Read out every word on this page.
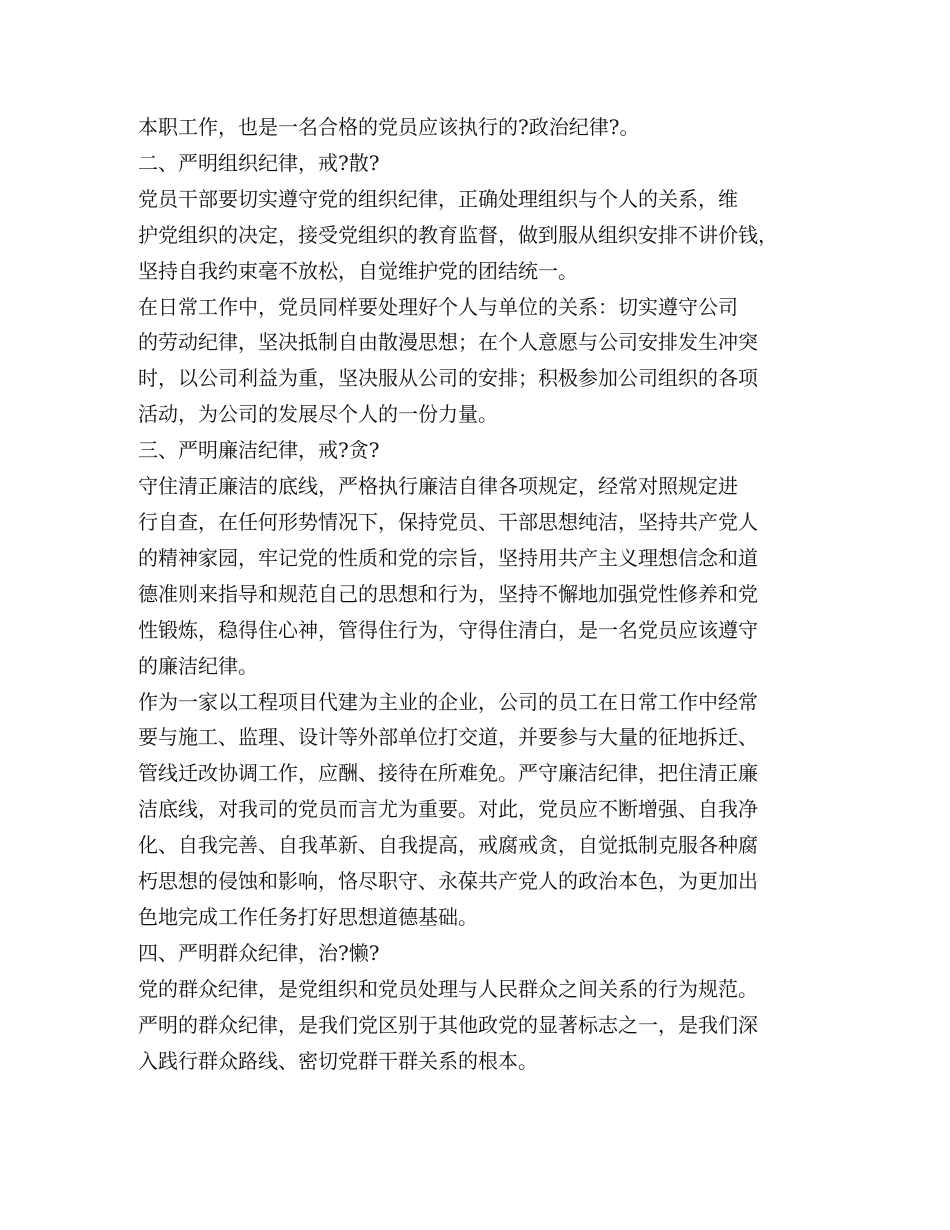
本职工作，也是一名合格的党员应该执行的?政治纪律?。
二、严明组织纪律，戒?散?
党员干部要切实遵守党的组织纪律，正确处理组织与个人的关系，维
护党组织的决定，接受党组织的教育监督，做到服从组织安排不讲价钱，
坚持自我约束毫不放松，自觉维护党的团结统一。
在日常工作中，党员同样要处理好个人与单位的关系：切实遵守公司
的劳动纪律，坚决抵制自由散漫思想；在个人意愿与公司安排发生冲突
时，以公司利益为重，坚决服从公司的安排；积极参加公司组织的各项
活动，为公司的发展尽个人的一份力量。
三、严明廉洁纪律，戒?贪?
守住清正廉洁的底线，严格执行廉洁自律各项规定，经常对照规定进
行自查，在任何形势情况下，保持党员、干部思想纯洁，坚持共产党人
的精神家园，牢记党的性质和党的宗旨，坚持用共产主义理想信念和道
德准则来指导和规范自己的思想和行为，坚持不懈地加强党性修养和党
性锻炼，稳得住心神，管得住行为，守得住清白，是一名党员应该遵守
的廉洁纪律。
作为一家以工程项目代建为主业的企业，公司的员工在日常工作中经常
要与施工、监理、设计等外部单位打交道，并要参与大量的征地拆迁、
管线迁改协调工作，应酬、接待在所难免。严守廉洁纪律，把住清正廉
洁底线，对我司的党员而言尤为重要。对此，党员应不断增强、自我净
化、自我完善、自我革新、自我提高，戒腐戒贪，自觉抵制克服各种腐
朽思想的侵蚀和影响，恪尽职守、永葆共产党人的政治本色，为更加出
色地完成工作任务打好思想道德基础。
四、严明群众纪律，治?懒?
党的群众纪律，是党组织和党员处理与人民群众之间关系的行为规范。
严明的群众纪律，是我们党区别于其他政党的显著标志之一，是我们深
入践行群众路线、密切党群干群关系的根本。
